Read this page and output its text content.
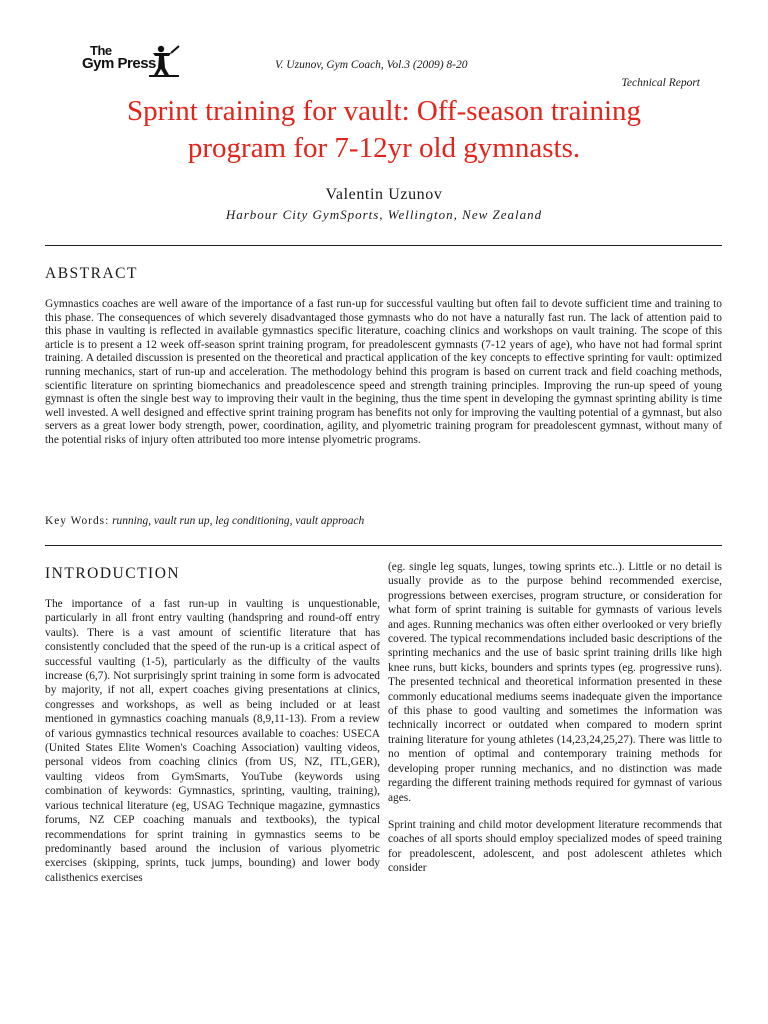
The
Gym Press	V. Uzunov, Gym Coach, Vol.3 (2009) 8-20
Technical Report
Sprint training for vault: Off-season training
program for 7-12yr old gymnasts.
Valentin Uzunov
Harbour City GymSports, Wellington, New Zealand
ABSTRACT
Gymnastics coaches are well aware of the importance of a fast run-up for successful vaulting but often fail to devote sufficient time and training to this phase. The consequences of which severely disadvantaged those gymnasts who do not have a naturally fast run. The lack of attention paid to this phase in vaulting is reflected in available gymnastics specific literature, coaching clinics and workshops on vault training. The scope of this article is to present a 12 week off-season sprint training program, for preadolescent gymnasts (7-12 years of age), who have not had formal sprint training. A detailed discussion is presented on the theoretical and practical application of the key concepts to effective sprinting for vault: optimized running mechanics, start of run-up and acceleration. The methodology behind this program is based on current track and field coaching methods, scientific literature on sprinting biomechanics and preadolescence speed and strength training principles. Improving the run-up speed of young gymnast is often the single best way to improving their vault in the begining, thus the time spent in developing the gymnast sprinting ability is time well invested. A well designed and effective sprint training program has benefits not only for improving the vaulting potential of a gymnast, but also servers as a great lower body strength, power, coordination, agility, and plyometric training program for preadolescent gymnast, without many of the potential risks of injury often attributed too more intense plyometric programs.
Key Words: running, vault run up, leg conditioning, vault approach
INTRODUCTION

The importance of a fast run-up in vaulting is unquestionable, particularly in all front entry vaulting (handspring and round-off entry vaults). There is a vast amount of scientific literature that has consistently concluded that the speed of the run-up is a critical aspect of successful vaulting (1-5), particularly as the difficulty of the vaults increase (6,7). Not surprisingly sprint training in some form is advocated by majority, if not all, expert coaches giving presentations at clinics, congresses and workshops, as well as being included or at least mentioned in gymnastics coaching manuals (8,9,11-13). From a review of various gymnastics technical resources available to coaches: USECA (United States Elite Women's Coaching Association) vaulting videos, personal videos from coaching clinics (from US, NZ, ITL,GER), vaulting videos from GymSmarts, YouTube (keywords using combination of keywords: Gymnastics, sprinting, vaulting, training), various technical literature (eg, USAG Technique magazine, gymnastics forums, NZ CEP coaching manuals and textbooks), the typical recommendations for sprint training in gymnastics seems to be predominantly based around the inclusion of various plyometric exercises (skipping, sprints, tuck jumps, bounding) and lower body calisthenics exercises

(eg. single leg squats, lunges, towing sprints etc..). Little or no detail is usually provide as to the purpose behind recommended exercise, progressions between exercises, program structure, or consideration for what form of sprint training is suitable for gymnasts of various levels and ages. Running mechanics was often either overlooked or very briefly covered. The typical recommendations included basic descriptions of the sprinting mechanics and the use of basic sprint training drills like high knee runs, butt kicks, bounders and sprints types (eg. progressive runs). The presented technical and theoretical information presented in these commonly educational mediums seems inadequate given the importance of this phase to good vaulting and sometimes the information was technically incorrect or outdated when compared to modern sprint training literature for young athletes (14,23,24,25,27). There was little to no mention of optimal and contemporary training methods for developing proper running mechanics, and no distinction was made regarding the different training methods required for gymnast of various ages.

Sprint training and child motor development literature recommends that coaches of all sports should employ specialized modes of speed training for preadolescent, adolescent, and post adolescent athletes which consider
